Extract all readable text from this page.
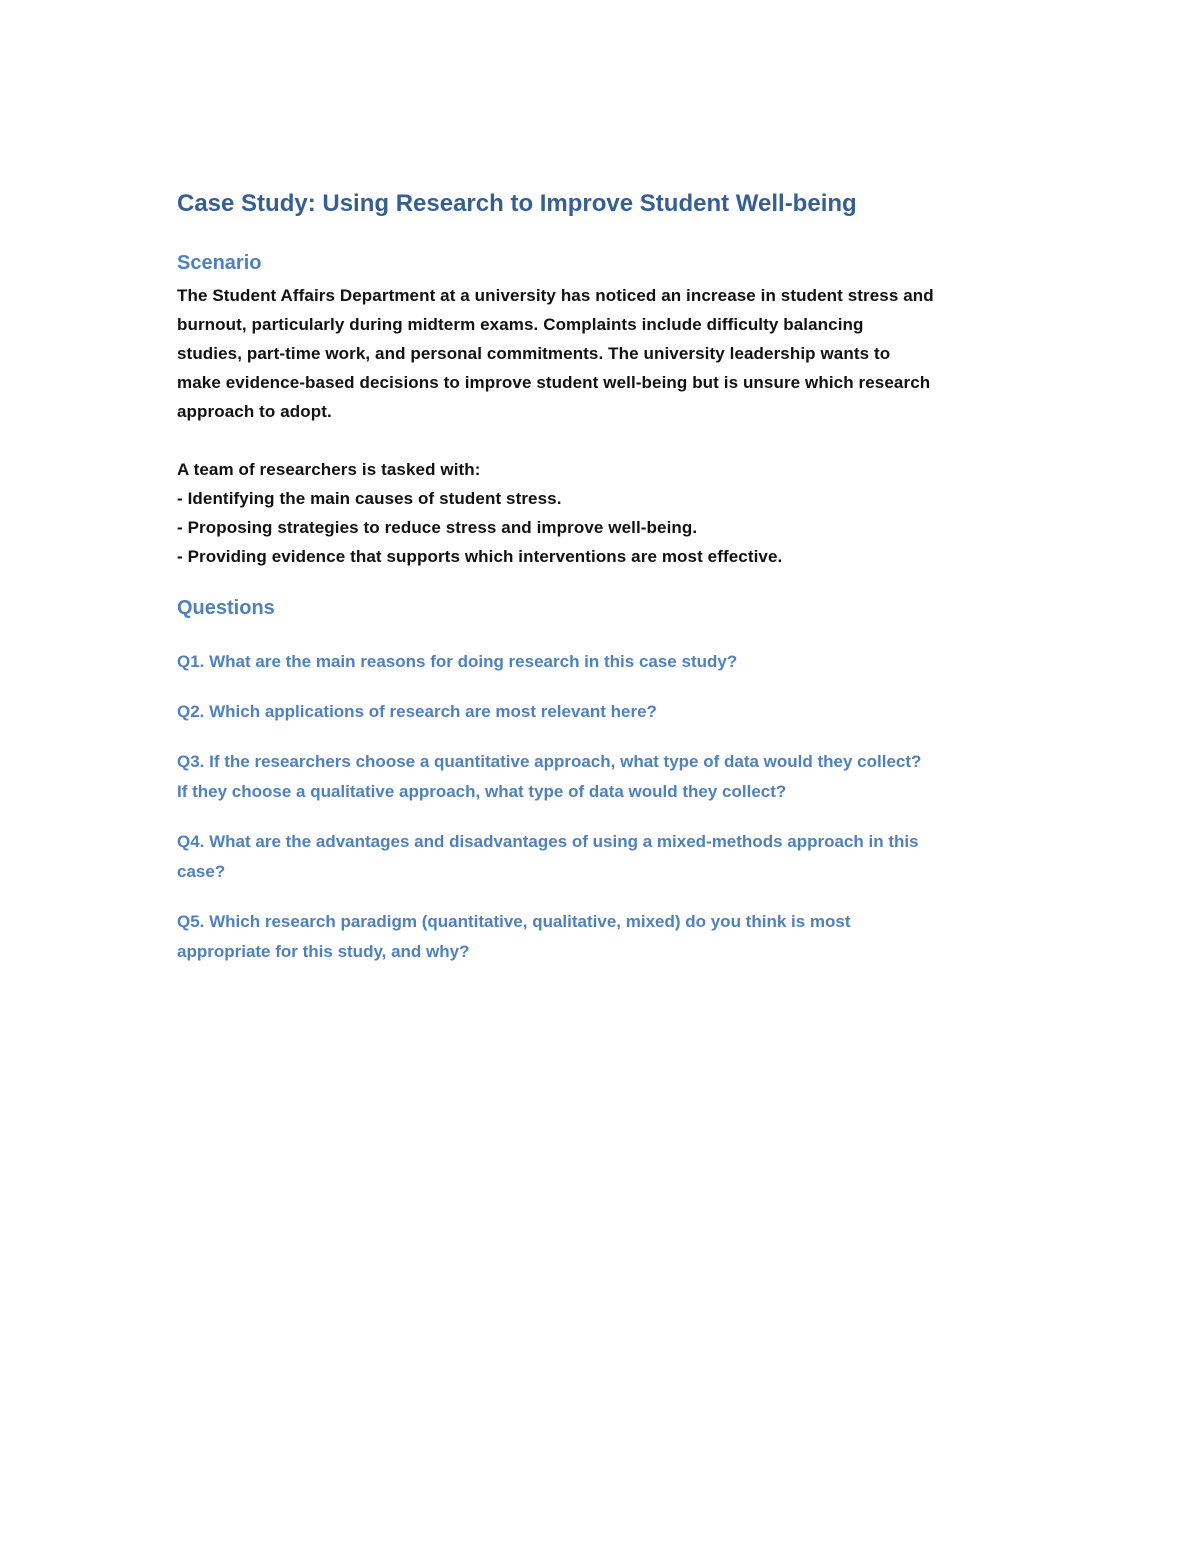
Case Study: Using Research to Improve Student Well-being
Scenario

The Student Affairs Department at a university has noticed an increase in student stress and

burnout, particularly during midterm exams. Complaints include difficulty balancing

studies, part-time work, and personal commitments. The university leadership wants to

make evidence-based decisions to improve student well-being but is unsure which research

approach to adopt.

A team of researchers is tasked with:

- Identifying the main causes of student stress.

- Proposing strategies to reduce stress and improve well-being.

- Providing evidence that supports which interventions are most effective.

Questions

Q1. What are the main reasons for doing research in this case study?

Q2. Which applications of research are most relevant here?

Q3. If the researchers choose a quantitative approach, what type of data would they collect?

If they choose a qualitative approach, what type of data would they collect?

Q4. What are the advantages and disadvantages of using a mixed-methods approach in this

case?

Q5. Which research paradigm (quantitative, qualitative, mixed) do you think is most

appropriate for this study, and why?
